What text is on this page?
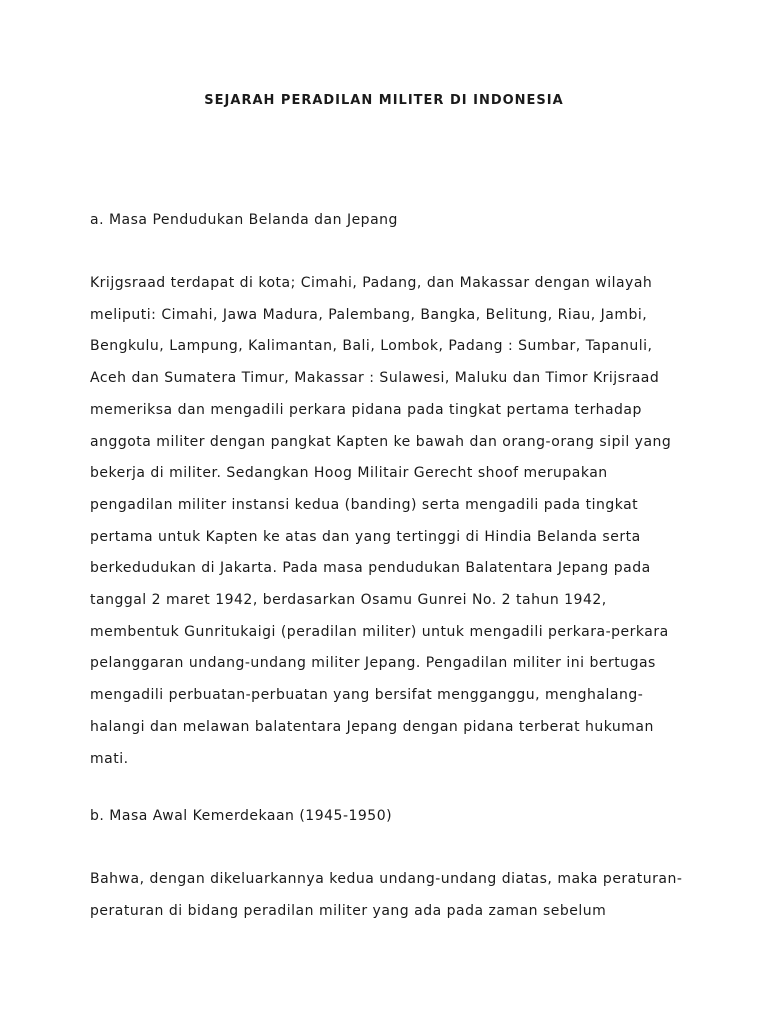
SEJARAH PERADILAN MILITER DI INDONESIA

a. Masa Pendudukan Belanda dan Jepang

Krijgsraad terdapat di kota; Cimahi, Padang, dan Makassar dengan wilayah
meliputi: Cimahi, Jawa Madura, Palembang, Bangka, Belitung, Riau, Jambi,
Bengkulu, Lampung, Kalimantan, Bali, Lombok, Padang : Sumbar, Tapanuli,
Aceh dan Sumatera Timur, Makassar : Sulawesi, Maluku dan Timor Krijsraad
memeriksa dan mengadili perkara pidana pada tingkat pertama terhadap
anggota militer dengan pangkat Kapten ke bawah dan orang-orang sipil yang
bekerja di militer. Sedangkan Hoog Militair Gerecht shoof merupakan
pengadilan militer instansi kedua (banding) serta mengadili pada tingkat
pertama untuk Kapten ke atas dan yang tertinggi di Hindia Belanda serta
berkedudukan di Jakarta. Pada masa pendudukan Balatentara Jepang pada
tanggal 2 maret 1942, berdasarkan Osamu Gunrei No. 2 tahun 1942,
membentuk Gunritukaigi (peradilan militer) untuk mengadili perkara-perkara
pelanggaran undang-undang militer Jepang. Pengadilan militer ini bertugas
mengadili perbuatan-perbuatan yang bersifat mengganggu, menghalang-
halangi dan melawan balatentara Jepang dengan pidana terberat hukuman
mati.

b. Masa Awal Kemerdekaan (1945-1950)

Bahwa, dengan dikeluarkannya kedua undang-undang diatas, maka peraturan-
peraturan di bidang peradilan militer yang ada pada zaman sebelum
